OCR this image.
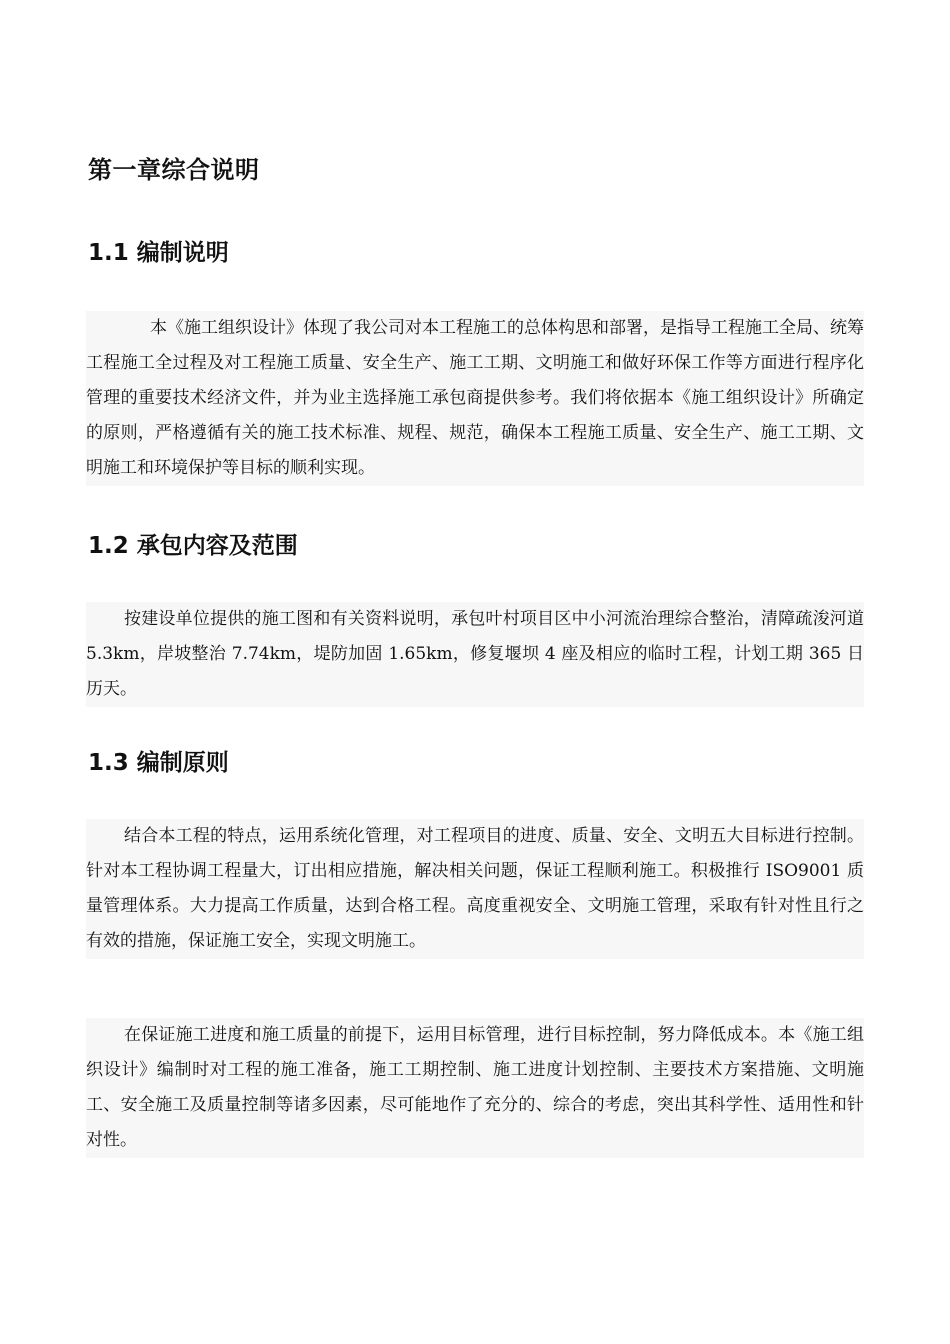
第一章综合说明
1.1 编制说明

本《施工组织设计》体现了我公司对本工程施工的总体构思和部署，是指导工程施工全局、统筹工程施工全过程及对工程施工质量、安全生产、施工工期、文明施工和做好环保工作等方面进行程序化管理的重要技术经济文件，并为业主选择施工承包商提供参考。我们将依据本《施工组织设计》所确定的原则，严格遵循有关的施工技术标准、规程、规范，确保本工程施工质量、安全生产、施工工期、文明施工和环境保护等目标的顺利实现。

1.2 承包内容及范围

按建设单位提供的施工图和有关资料说明，承包叶村项目区中小河流治理综合整治，清障疏浚河道 5.3km，岸坡整治 7.74km，堤防加固 1.65km，修复堰坝 4 座及相应的临时工程，计划工期 365 日历天。

1.3 编制原则

结合本工程的特点，运用系统化管理，对工程项目的进度、质量、安全、文明五大目标进行控制。 针对本工程协调工程量大，订出相应措施，解决相关问题，保证工程顺利施工。积极推行 ISO9001 质量管理体系。大力提高工作质量，达到合格工程。高度重视安全、文明施工管理，采取有针对性且行之有效的措施，保证施工安全，实现文明施工。

在保证施工进度和施工质量的前提下，运用目标管理，进行目标控制，努力降低成本。本《施工组织设计》编制时对工程的施工准备，施工工期控制、施工进度计划控制、主要技术方案措施、文明施工、安全施工及质量控制等诸多因素，尽可能地作了充分的、综合的考虑，突出其科学性、适用性和针对性。
